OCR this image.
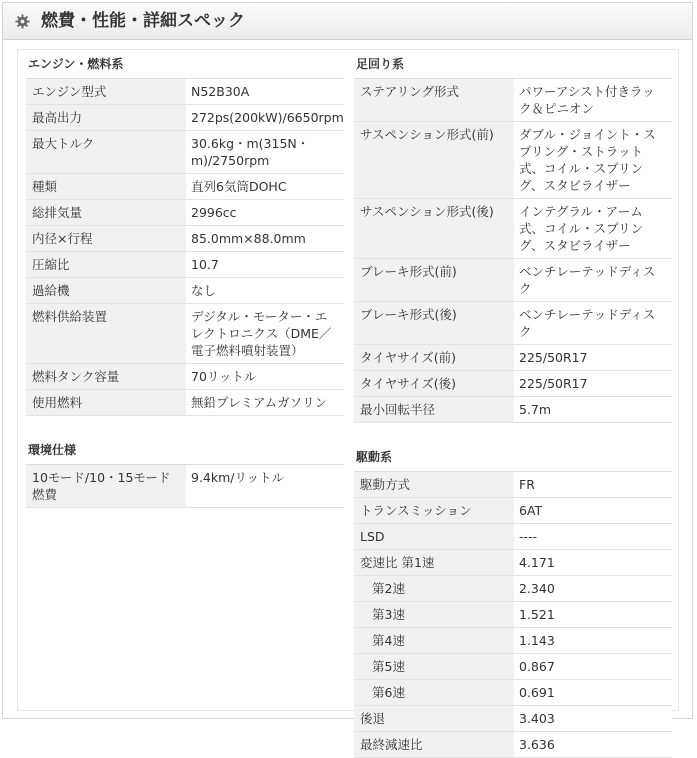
燃費・性能・詳細スペック
エンジン・燃料系
エンジン型式	N52B30A
最高出力	272ps(200kW)/6650rpm
最大トルク	30.6kg・m(315N・m)/2750rpm
種類	直列6気筒DOHC
総排気量	2996cc
内径×行程	85.0mm×88.0mm
圧縮比	10.7
過給機	なし
燃料供給装置	デジタル・モーター・エレクトロニクス（DME／電子燃料噴射装置）
燃料タンク容量	70リットル
使用燃料	無鉛プレミアムガソリン
環境仕様
10モード/10・15モード燃費	9.4km/リットル
足回り系
ステアリング形式	パワーアシスト付きラック＆ピニオン
サスペンション形式(前)	ダブル・ジョイント・スプリング・ストラット式、コイル・スプリング、スタビライザー
サスペンション形式(後)	インテグラル・アーム式、コイル・スプリング、スタビライザー
ブレーキ形式(前)	ベンチレーテッドディスク
ブレーキ形式(後)	ベンチレーテッドディスク
タイヤサイズ(前)	225/50R17
タイヤサイズ(後)	225/50R17
最小回転半径	5.7m
駆動系
駆動方式	FR
トランスミッション	6AT
LSD	----
変速比 第1速	4.171
第2速	2.340
第3速	1.521
第4速	1.143
第5速	0.867
第6速	0.691
後退	3.403
最終減速比	3.636
